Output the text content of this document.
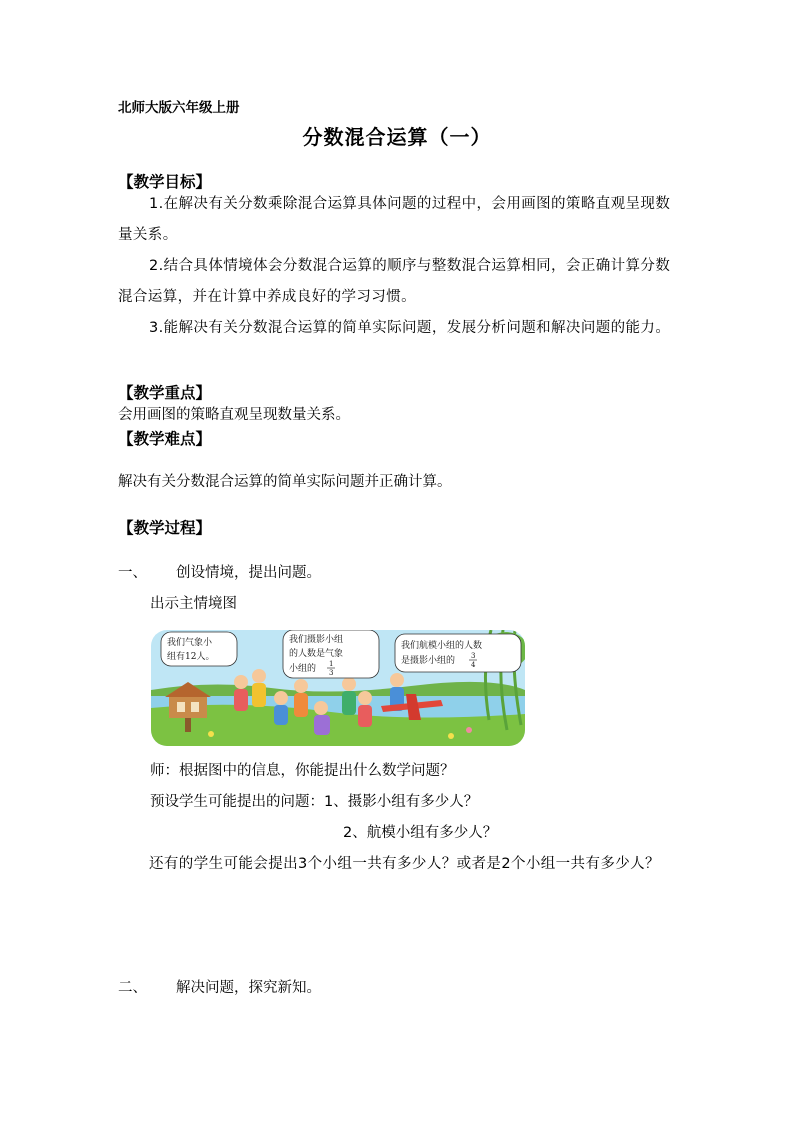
北师大版六年级上册
分数混合运算（一）
【教学目标】
1.在解决有关分数乘除混合运算具体问题的过程中，会用画图的策略直观呈现数量关系。
2.结合具体情境体会分数混合运算的顺序与整数混合运算相同，会正确计算分数混合运算，并在计算中养成良好的学习习惯。
3.能解决有关分数混合运算的简单实际问题，发展分析问题和解决问题的能力。
【教学重点】
会用画图的策略直观呈现数量关系。
【教学难点】
解决有关分数混合运算的简单实际问题并正确计算。
【教学过程】
一、 创设情境，提出问题。
出示主情境图
我们气象小
组有12人。
我们摄影小组
的人数是气象
小组的 1
3
我们航模小组的人数
是摄影小组的 3
4
师：根据图中的信息，你能提出什么数学问题？
预设学生可能提出的问题：1、摄影小组有多少人？
2、航模小组有多少人？
还有的学生可能会提出3个小组一共有多少人？或者是2个小组一共有多少人？
二、 解决问题，探究新知。
